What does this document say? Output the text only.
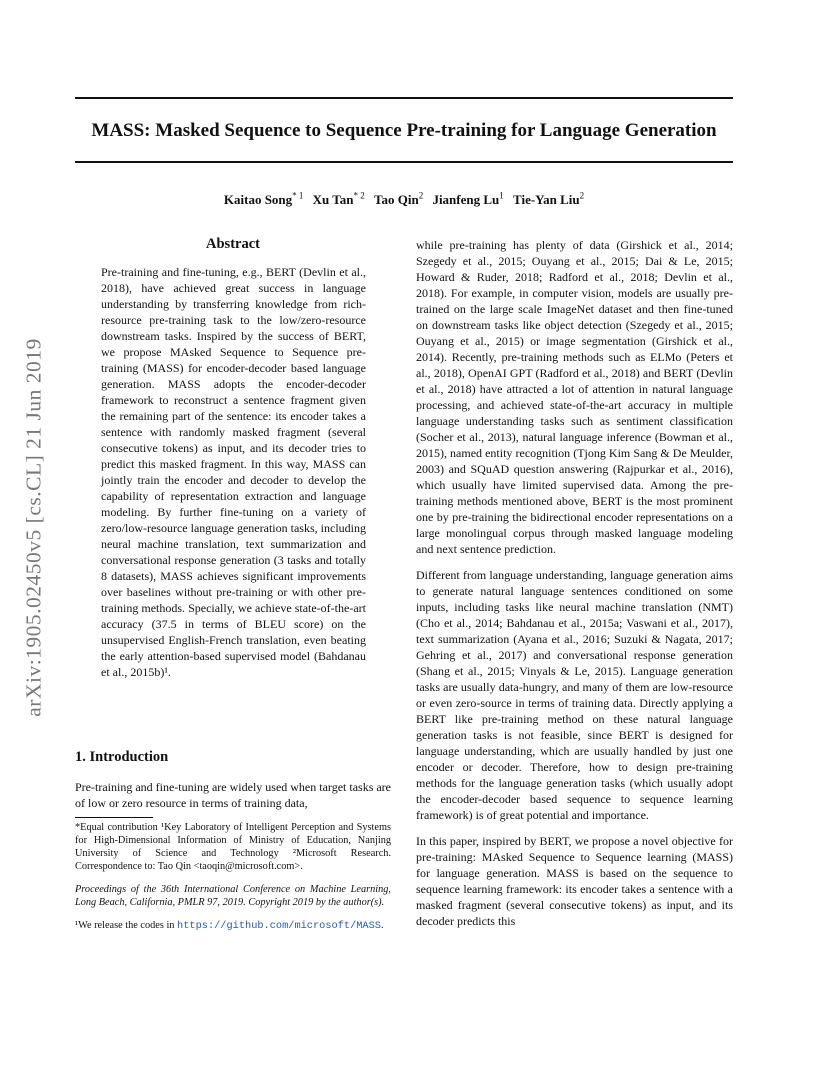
MASS: Masked Sequence to Sequence Pre-training for Language Generation
Kaitao Song$^{* 1}$ Xu Tan$^{* 2}$ Tao Qin$^2$ Jianfeng Lu$^1$ Tie-Yan Liu$^2$
arXiv:1905.02450v5 [cs.CL] 21 Jun 2019
Abstract
Pre-training and fine-tuning, e.g., BERT (Devlin et al., 2018), have achieved great success in language understanding by transferring knowledge from rich-resource pre-training task to the low/zero-resource downstream tasks. Inspired by the success of BERT, we propose MAsked Sequence to Sequence pre-training (MASS) for encoder-decoder based language generation. MASS adopts the encoder-decoder framework to reconstruct a sentence fragment given the remaining part of the sentence: its encoder takes a sentence with randomly masked fragment (several consecutive tokens) as input, and its decoder tries to predict this masked fragment. In this way, MASS can jointly train the encoder and decoder to develop the capability of representation extraction and language modeling. By further fine-tuning on a variety of zero/low-resource language generation tasks, including neural machine translation, text summarization and conversational response generation (3 tasks and totally 8 datasets), MASS achieves significant improvements over baselines without pre-training or with other pre-training methods. Specially, we achieve state-of-the-art accuracy (37.5 in terms of BLEU score) on the unsupervised English-French translation, even beating the early attention-based supervised model (Bahdanau et al., 2015b)¹.
1. Introduction
Pre-training and fine-tuning are widely used when target tasks are of low or zero resource in terms of training data,

*Equal contribution ¹Key Laboratory of Intelligent Perception and Systems for High-Dimensional Information of Ministry of Education, Nanjing University of Science and Technology ²Microsoft Research. Correspondence to: Tao Qin <taoqin@microsoft.com>.

Proceedings of the 36th International Conference on Machine Learning, Long Beach, California, PMLR 97, 2019. Copyright 2019 by the author(s).

¹We release the codes in https://github.com/microsoft/MASS.

while pre-training has plenty of data (Girshick et al., 2014; Szegedy et al., 2015; Ouyang et al., 2015; Dai & Le, 2015; Howard & Ruder, 2018; Radford et al., 2018; Devlin et al., 2018). For example, in computer vision, models are usually pre-trained on the large scale ImageNet dataset and then fine-tuned on downstream tasks like object detection (Szegedy et al., 2015; Ouyang et al., 2015) or image segmentation (Girshick et al., 2014). Recently, pre-training methods such as ELMo (Peters et al., 2018), OpenAI GPT (Radford et al., 2018) and BERT (Devlin et al., 2018) have attracted a lot of attention in natural language processing, and achieved state-of-the-art accuracy in multiple language understanding tasks such as sentiment classification (Socher et al., 2013), natural language inference (Bowman et al., 2015), named entity recognition (Tjong Kim Sang & De Meulder, 2003) and SQuAD question answering (Rajpurkar et al., 2016), which usually have limited supervised data. Among the pre-training methods mentioned above, BERT is the most prominent one by pre-training the bidirectional encoder representations on a large monolingual corpus through masked language modeling and next sentence prediction.

Different from language understanding, language generation aims to generate natural language sentences conditioned on some inputs, including tasks like neural machine translation (NMT) (Cho et al., 2014; Bahdanau et al., 2015a; Vaswani et al., 2017), text summarization (Ayana et al., 2016; Suzuki & Nagata, 2017; Gehring et al., 2017) and conversational response generation (Shang et al., 2015; Vinyals & Le, 2015). Language generation tasks are usually data-hungry, and many of them are low-resource or even zero-source in terms of training data. Directly applying a BERT like pre-training method on these natural language generation tasks is not feasible, since BERT is designed for language understanding, which are usually handled by just one encoder or decoder. Therefore, how to design pre-training methods for the language generation tasks (which usually adopt the encoder-decoder based sequence to sequence learning framework) is of great potential and importance.

In this paper, inspired by BERT, we propose a novel objective for pre-training: MAsked Sequence to Sequence learning (MASS) for language generation. MASS is based on the sequence to sequence learning framework: its encoder takes a sentence with a masked fragment (several consecutive tokens) as input, and its decoder predicts this
